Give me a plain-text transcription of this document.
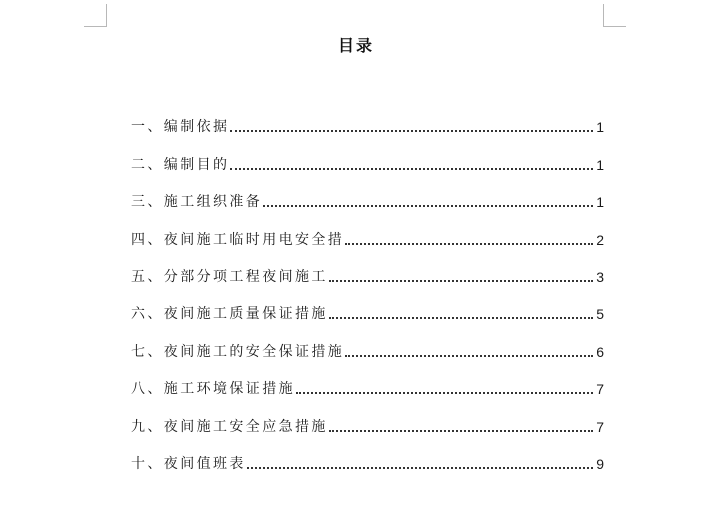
目录
一、编制依据	1
二、编制目的	1
三、施工组织准备	1
四、夜间施工临时用电安全措	2
五、分部分项工程夜间施工	3
六、夜间施工质量保证措施	5
七、夜间施工的安全保证措施	6
八、施工环境保证措施	7
九、夜间施工安全应急措施	7
十、夜间值班表	9
